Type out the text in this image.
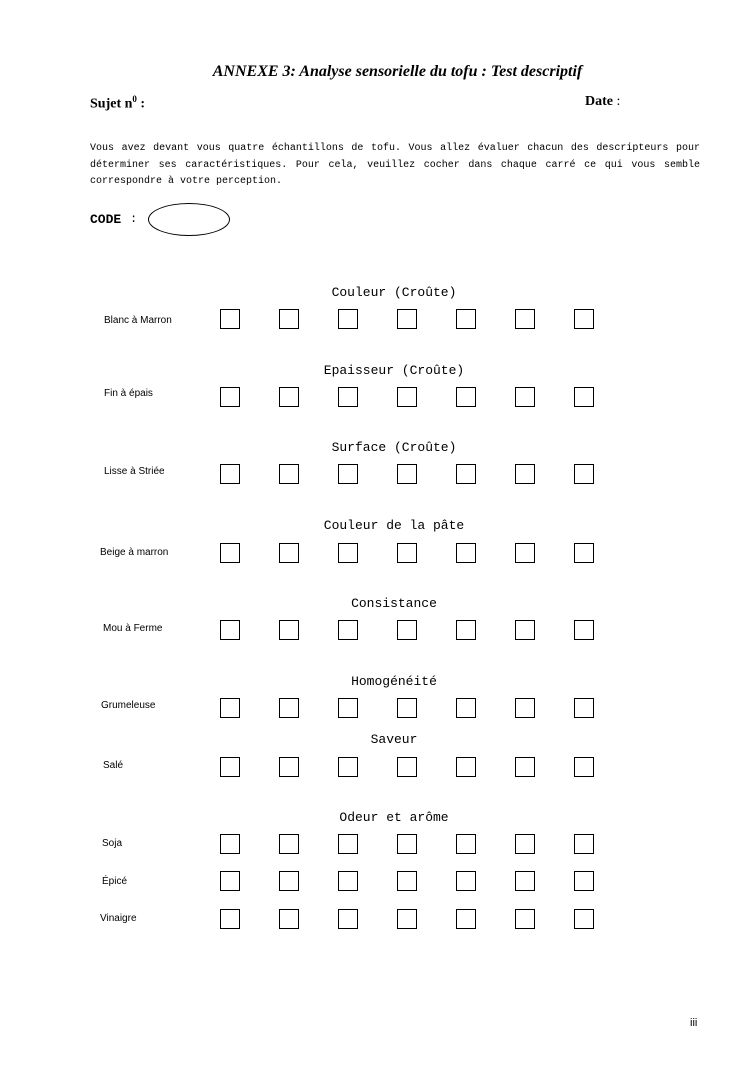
ANNEXE 3: Analyse sensorielle du tofu : Test descriptif
Sujet $n^0$ :	Date :
Vous avez devant vous quatre échantillons de tofu. Vous allez évaluer chacun des descripteurs pour déterminer ses caractéristiques. Pour cela, veuillez cocher dans chaque carré ce qui vous semble correspondre à votre perception.
CODE :
Couleur (Croûte)
Epaisseur (Croûte)
Surface (Croûte)
Couleur de la pâte
Consistance
Homogénéité
Saveur
Odeur et arôme
Blanc à Marron
Fin à épais
Lisse à Striée
Beige à marron
Mou à Ferme
Grumeleuse
Salé
Soja
Épicé
Vinaigre
iii
